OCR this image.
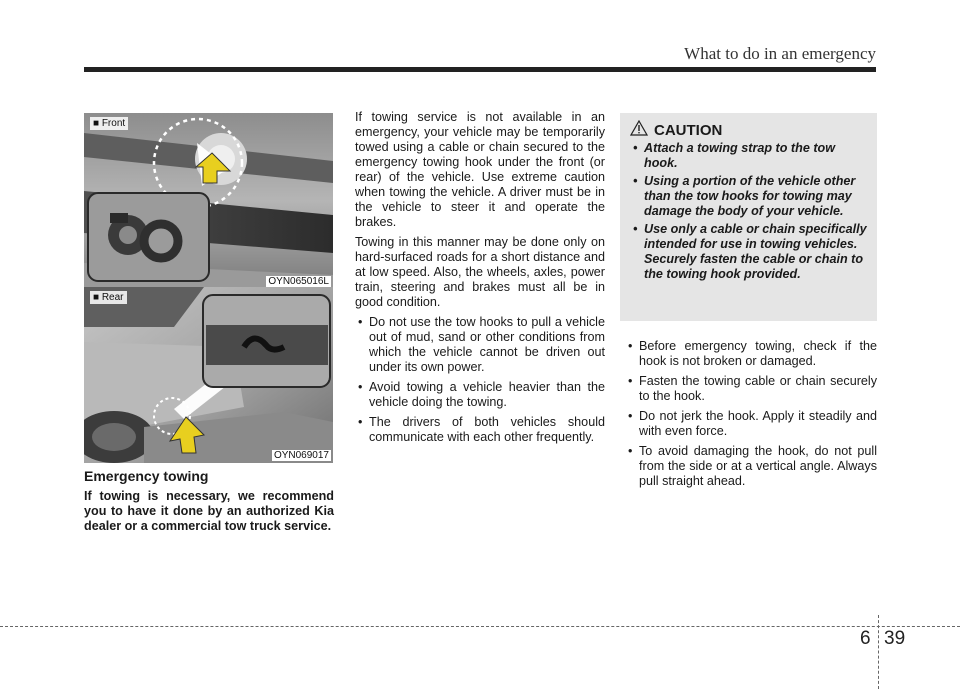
What to do in an emergency
■ Front
OYN065016L
■ Rear
OYN069017
Emergency towing

If towing is necessary, we recommend you to have it done by an authorized Kia dealer or a commercial tow truck service.

If towing service is not available in an emergency, your vehicle may be temporarily towed using a cable or chain secured to the emergency towing hook under the front (or rear) of the vehicle. Use extreme caution when towing the vehicle. A driver must be in the vehicle to steer it and operate the brakes.

Towing in this manner may be done only on hard-surfaced roads for a short distance and at low speed. Also, the wheels, axles, power train, steering and brakes must all be in good condition.

• Do not use the tow hooks to pull a vehicle out of mud, sand or other conditions from which the vehicle cannot be driven out under its own power.
• Avoid towing a vehicle heavier than the vehicle doing the towing.
• The drivers of both vehicles should communicate with each other frequently.
CAUTION
• Attach a towing strap to the tow hook.
• Using a portion of the vehicle other than the tow hooks for towing may damage the body of your vehicle.
• Use only a cable or chain specifically intended for use in towing vehicles. Securely fasten the cable or chain to the towing hook provided.
• Before emergency towing, check if the hook is not broken or damaged.
• Fasten the towing cable or chain securely to the hook.
• Do not jerk the hook. Apply it steadily and with even force.
• To avoid damaging the hook, do not pull from the side or at a vertical angle. Always pull straight ahead.
6 39
